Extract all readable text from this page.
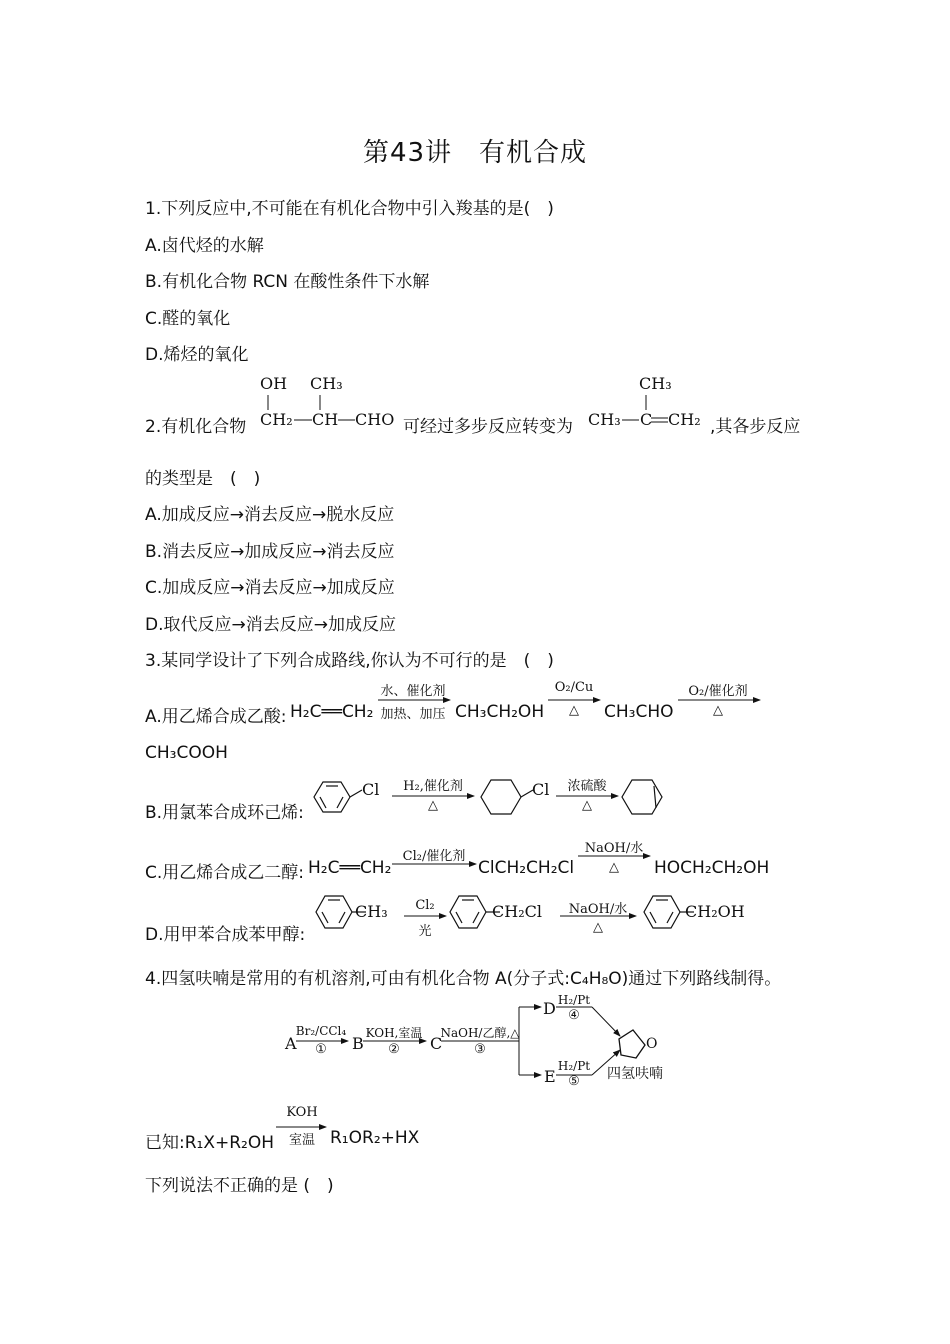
第43讲　有机合成
1.下列反应中,不可能在有机化合物中引入羧基的是(　)
A.卤代烃的水解
B.有机化合物 RCN 在酸性条件下水解
C.醛的氧化
D.烯烃的氧化
2.有机化合物
OH CH₃
CH₂ CH CHO 可经过多步反应转变为
CH₃
CH₃ C CH₂ ,其各步反应
的类型是　(　)
A.加成反应→消去反应→脱水反应
B.消去反应→加成反应→消去反应
C.加成反应→消去反应→加成反应
D.取代反应→消去反应→加成反应
3.某同学设计了下列合成路线,你认为不可行的是　(　)
A.用乙烯合成乙酸: H₂C══CH₂
水、催化剂
加热、加压 CH₃CH₂OH
O₂/Cu
△	CH₃CHO
O₂/催化剂
△
CH₃COOH
B.用氯苯合成环己烯:
Cl	H₂,催化剂
△
Cl	浓硫酸
△
C.用乙烯合成乙二醇: H₂C══CH₂
Cl₂/催化剂
ClCH₂CH₂Cl
NaOH/水
△	HOCH₂CH₂OH
D.用甲苯合成苯甲醇:
CH₃	Cl₂
光
CH₂Cl	NaOH/水
△
CH₂OH
4.四氢呋喃是常用的有机溶剂,可由有机化合物 A(分子式:C₄H₈O)通过下列路线制得。
A
Br₂/CCl₄
①	B
KOH,室温
②	C
NaOH/乙醇,△
③
D H₂/Pt
④
E
H₂/Pt
⑤
O
四氢呋喃
已知:R₁X+R₂OH
KOH
室温 R₁OR₂+HX
下列说法不正确的是 (　)
